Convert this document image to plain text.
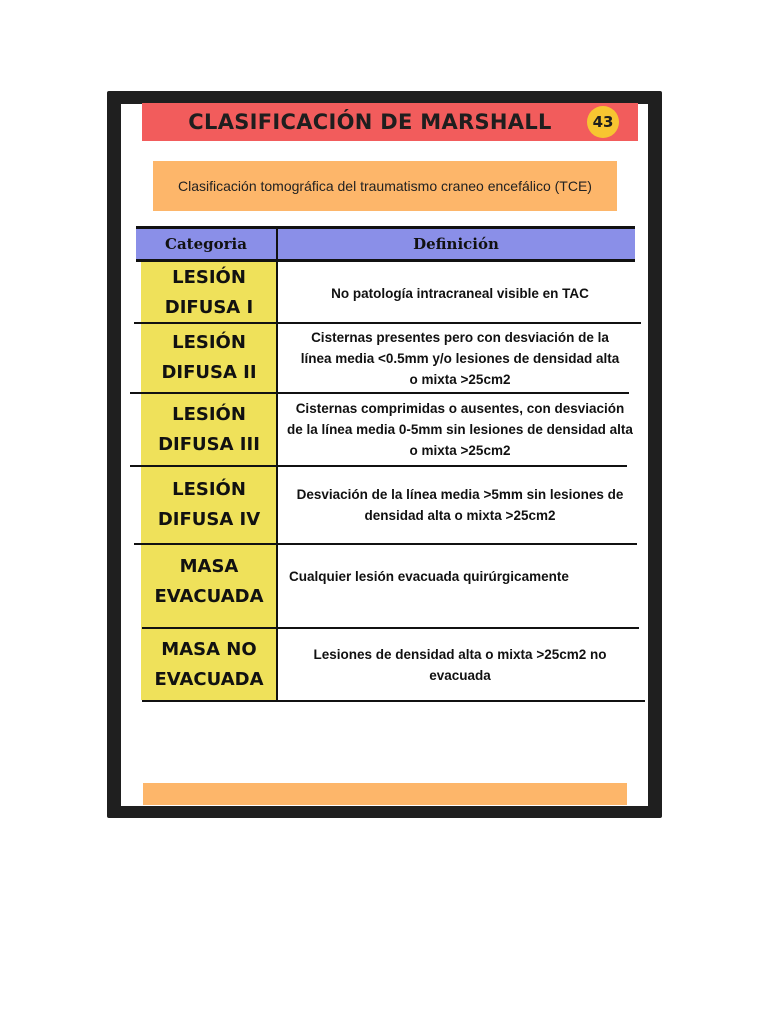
CLASIFICACIÓN DE MARSHALL	43
Clasificación tomográfica del traumatismo craneo encefálico (TCE)
Categoria	Definición
LESIÓN
DIFUSA I
No patología intracraneal visible en TAC
LESIÓN
DIFUSA II
Cisternas presentes pero con desviación de la línea media <0.5mm y/o lesiones de densidad alta o mixta >25cm2
LESIÓN
DIFUSA III
Cisternas comprimidas o ausentes, con desviación de la línea media 0-5mm sin lesiones de densidad alta o mixta >25cm2
LESIÓN
DIFUSA IV
Desviación de la línea media >5mm sin lesiones de densidad alta o mixta >25cm2
MASA
EVACUADA
Cualquier lesión evacuada quirúrgicamente
MASA NO
EVACUADA
Lesiones de densidad alta o mixta >25cm2 no evacuada
